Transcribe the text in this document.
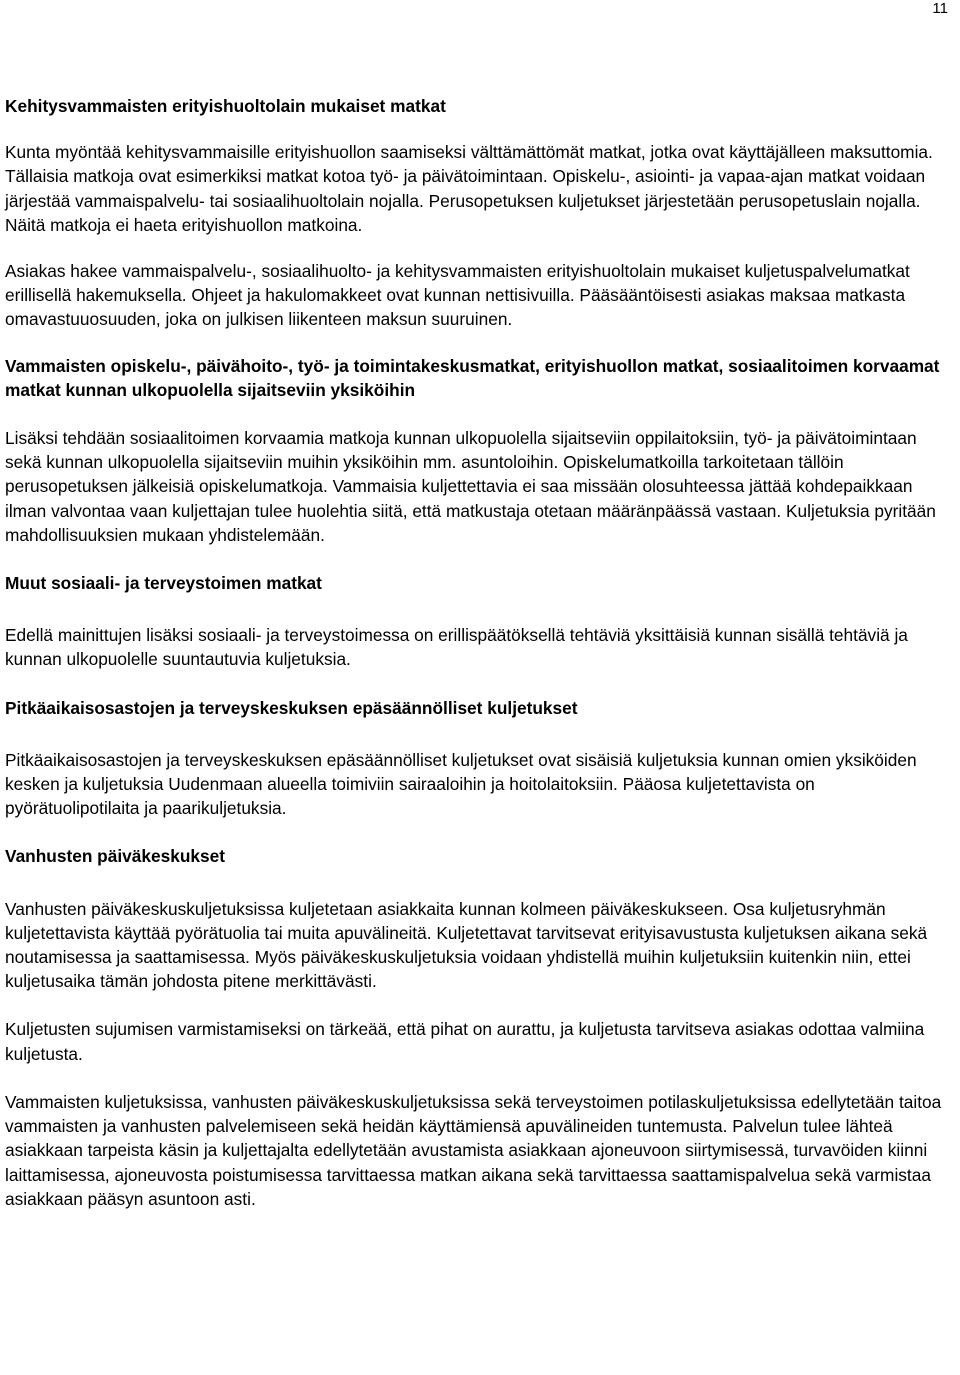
11

Kehitysvammaisten erityishuoltolain mukaiset matkat

Kunta myöntää kehitysvammaisille erityishuollon saamiseksi välttämättömät matkat, jotka ovat käyttäjälleen maksuttomia. Tällaisia matkoja ovat esimerkiksi matkat kotoa työ- ja päivätoimintaan. Opiskelu-, asiointi- ja vapaa-ajan matkat voidaan järjestää vammaispalvelu- tai sosiaalihuoltolain nojalla. Perusopetuksen kuljetukset järjestetään perusopetuslain nojalla. Näitä matkoja ei haeta erityishuollon matkoina.

Asiakas hakee vammaispalvelu-, sosiaalihuolto- ja kehitysvammaisten erityishuoltolain mukaiset kuljetuspalvelumatkat erillisellä hakemuksella. Ohjeet ja hakulomakkeet ovat kunnan nettisivuilla. Pääsääntöisesti asiakas maksaa matkasta omavastuuosuuden, joka on julkisen liikenteen maksun suuruinen.

Vammaisten opiskelu-, päivähoito-, työ- ja toimintakeskusmatkat, erityishuollon matkat, sosiaalitoimen korvaamat matkat kunnan ulkopuolella sijaitseviin yksiköihin

Lisäksi tehdään sosiaalitoimen korvaamia matkoja kunnan ulkopuolella sijaitseviin oppilaitoksiin, työ- ja päivätoimintaan sekä kunnan ulkopuolella sijaitseviin muihin yksiköihin mm. asuntoloihin. Opiskelumatkoilla tarkoitetaan tällöin perusopetuksen jälkeisiä opiskelumatkoja. Vammaisia kuljettettavia ei saa missään olosuhteessa jättää kohdepaikkaan ilman valvontaa vaan kuljettajan tulee huolehtia siitä, että matkustaja otetaan määränpäässä vastaan. Kuljetuksia pyritään mahdollisuuksien mukaan yhdistelemään.

Muut sosiaali- ja terveystoimen matkat

Edellä mainittujen lisäksi sosiaali- ja terveystoimessa on erillispäätöksellä tehtäviä yksittäisiä kunnan sisällä tehtäviä ja kunnan ulkopuolelle suuntautuvia kuljetuksia.

Pitkäaikaisosastojen ja terveyskeskuksen epäsäännölliset kuljetukset

Pitkäaikaisosastojen ja terveyskeskuksen epäsäännölliset kuljetukset ovat sisäisiä kuljetuksia kunnan omien yksiköiden kesken ja kuljetuksia Uudenmaan alueella toimiviin sairaaloihin ja hoitolaitoksiin. Pääosa kuljetettavista on pyörätuolipotilaita ja paarikuljetuksia.

Vanhusten päiväkeskukset

Vanhusten päiväkeskuskuljetuksissa kuljetetaan asiakkaita kunnan kolmeen päiväkeskukseen. Osa kuljetusryhmän kuljetettavista käyttää pyörätuolia tai muita apuvälineitä. Kuljetettavat tarvitsevat erityisavustusta kuljetuksen aikana sekä noutamisessa ja saattamisessa. Myös päiväkeskuskuljetuksia voidaan yhdistellä muihin kuljetuksiin kuitenkin niin, ettei kuljetusaika tämän johdosta pitene merkittävästi.

Kuljetusten sujumisen varmistamiseksi on tärkeää, että pihat on aurattu, ja kuljetusta tarvitseva asiakas odottaa valmiina kuljetusta.

Vammaisten kuljetuksissa, vanhusten päiväkeskuskuljetuksissa sekä terveystoimen potilaskuljetuksissa edellytetään taitoa vammaisten ja vanhusten palvelemiseen sekä heidän käyttämiensä apuvälineiden tuntemusta. Palvelun tulee lähteä asiakkaan tarpeista käsin ja kuljettajalta edellytetään avustamista asiakkaan ajoneuvoon siirtymisessä, turvavöiden kiinni laittamisessa, ajoneuvosta poistumisessa tarvittaessa matkan aikana sekä tarvittaessa saattamispalvelua sekä varmistaa asiakkaan pääsyn asuntoon asti.
